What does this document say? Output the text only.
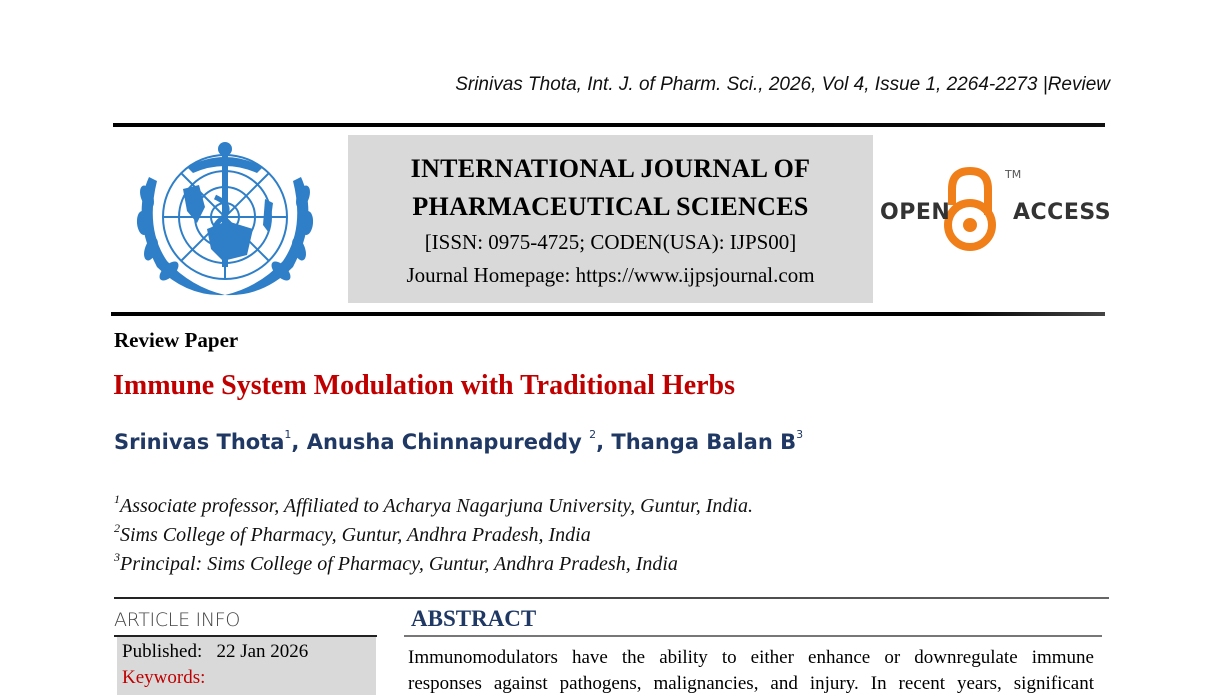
Srinivas Thota, Int. J. of Pharm. Sci., 2026, Vol 4, Issue 1, 2264-2273 |Review
INTERNATIONAL JOURNAL OF
PHARMACEUTICAL SCIENCES
[ISSN: 0975-4725; CODEN(USA): IJPS00]
Journal Homepage: https://www.ijpsjournal.com
OPEN	ACCESS
TM
Review Paper
Immune System Modulation with Traditional Herbs
Srinivas Thota$^1$, Anusha Chinnapureddy $^2$, Thanga Balan $B^3$
$^1$Associate professor, Affiliated to Acharya Nagarjuna University, Guntur, India.
$^2$Sims College of Pharmacy, Guntur, Andhra Pradesh, India
$^3$Principal: Sims College of Pharmacy, Guntur, Andhra Pradesh, India
ARTICLE INFO
Published: 22 Jan 2026
Keywords:
ABSTRACT
Immunomodulators have the ability to either enhance or downregulate immune
responses against pathogens, malignancies, and injury. In recent years, significant
